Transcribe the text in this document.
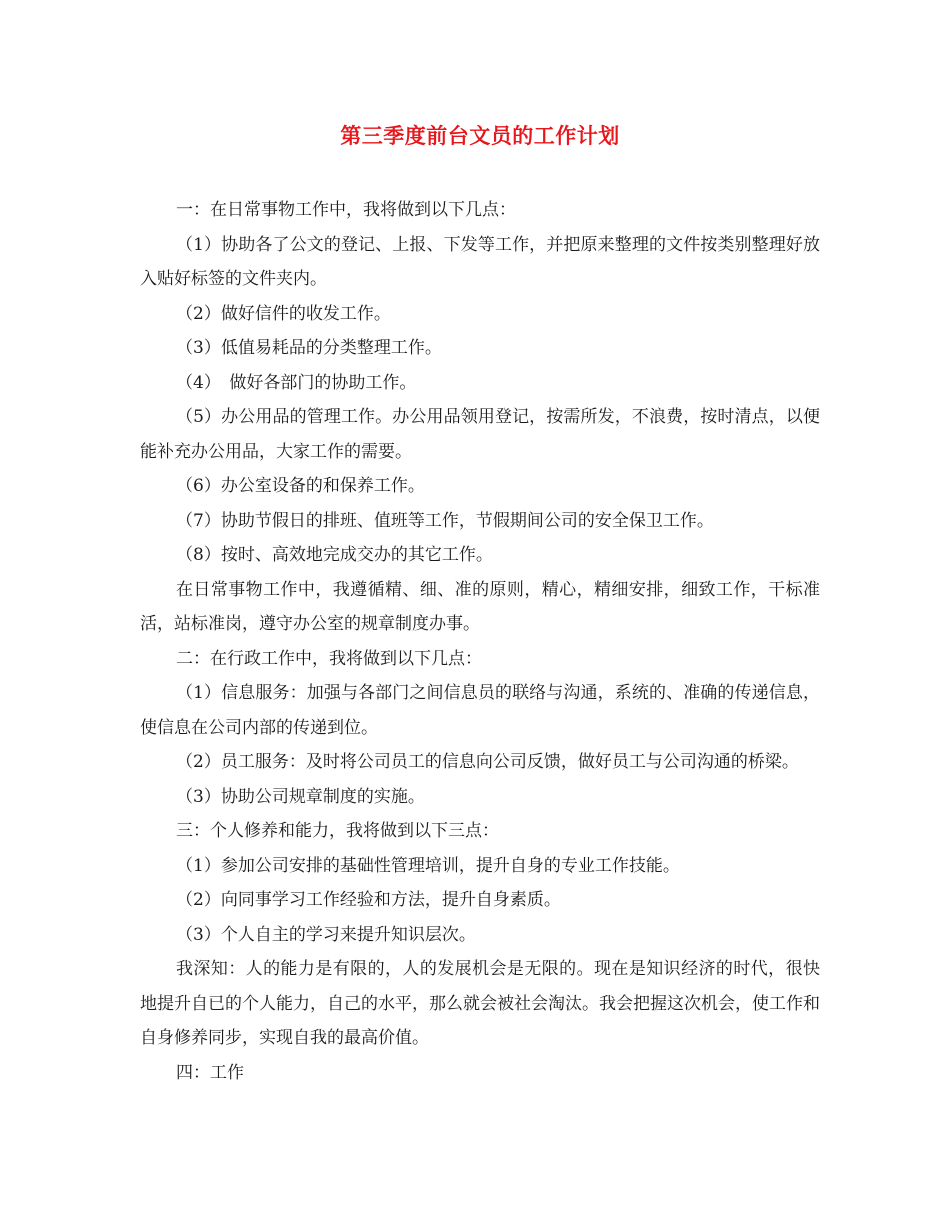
第三季度前台文员的工作计划

一：在日常事物工作中，我将做到以下几点：

（1）协助各了公文的登记、上报、下发等工作，并把原来整理的文件按类别整理好放入贴好标签的文件夹内。

（2）做好信件的收发工作。

（3）低值易耗品的分类整理工作。

（4）　做好各部门的协助工作。

（5）办公用品的管理工作。办公用品领用登记，按需所发，不浪费，按时清点，以便能补充办公用品，大家工作的需要。

（6）办公室设备的和保养工作。

（7）协助节假日的排班、值班等工作，节假期间公司的安全保卫工作。

（8）按时、高效地完成交办的其它工作。

在日常事物工作中，我遵循精、细、准的原则，精心，精细安排，细致工作，干标准活，站标准岗，遵守办公室的规章制度办事。

二：在行政工作中，我将做到以下几点：

（1）信息服务：加强与各部门之间信息员的联络与沟通，系统的、准确的传递信息，使信息在公司内部的传递到位。

（2）员工服务：及时将公司员工的信息向公司反馈，做好员工与公司沟通的桥梁。

（3）协助公司规章制度的实施。

三：个人修养和能力，我将做到以下三点：

（1）参加公司安排的基础性管理培训，提升自身的专业工作技能。

（2）向同事学习工作经验和方法，提升自身素质。

（3）个人自主的学习来提升知识层次。

我深知：人的能力是有限的，人的发展机会是无限的。现在是知识经济的时代，很快地提升自已的个人能力，自己的水平，那么就会被社会淘汰。我会把握这次机会，使工作和自身修养同步，实现自我的最高价值。

四：工作
